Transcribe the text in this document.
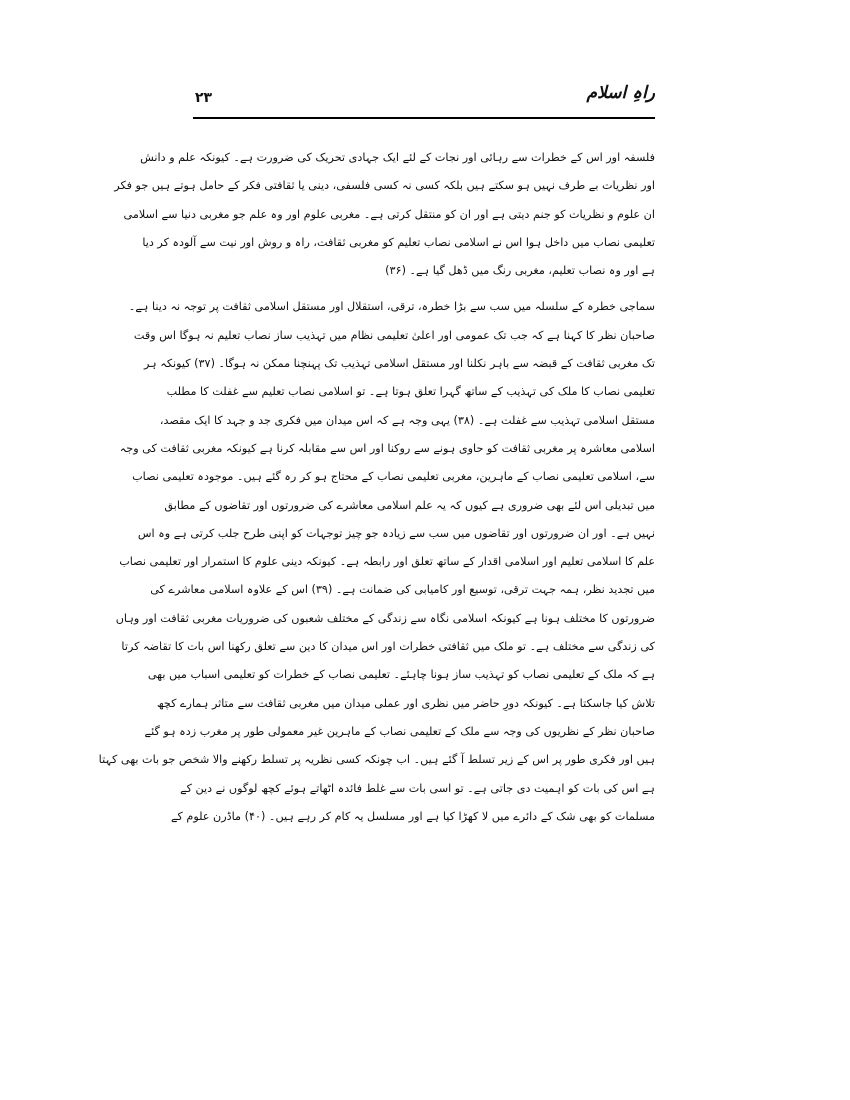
۲۳	راہِ اسلام
فلسفہ اور اس کے خطرات سے رہائی اور نجات کے لئے ایک جہادی تحریک کی ضرورت ہے۔ کیونکہ علم و دانش
اور نظریات بے طرف نہیں ہو سکتے ہیں بلکہ کسی نہ کسی فلسفی، دینی یا ثقافتی فکر کے حامل ہوتے ہیں جو فکر
ان علوم و نظریات کو جنم دیتی ہے اور ان کو منتقل کرتی ہے۔ مغربی علوم اور وہ علم جو مغربی دنیا سے اسلامی
تعلیمی نصاب میں داخل ہوا اس نے اسلامی نصاب تعلیم کو مغربی ثقافت، راہ و روش اور نیت سے آلودہ کر دیا
ہے اور وہ نصاب تعلیم، مغربی رنگ میں ڈھل گیا ہے۔ (۳۶)
سماجی خطرہ کے سلسلہ میں سب سے بڑا خطرہ، ترقی، استقلال اور مستقل اسلامی ثقافت پر توجہ نہ دینا ہے۔
صاحبان نظر کا کہنا ہے کہ جب تک عمومی اور اعلیٰ تعلیمی نظام میں تہذیب ساز نصاب تعلیم نہ ہوگا اس وقت
تک مغربی ثقافت کے قبضہ سے باہر نکلنا اور مستقل اسلامی تہذیب تک پہنچنا ممکن نہ ہوگا۔ (۳۷) کیونکہ ہر
تعلیمی نصاب کا ملک کی تہذیب کے ساتھ گہرا تعلق ہوتا ہے۔ تو اسلامی نصاب تعلیم سے غفلت کا مطلب
مستقل اسلامی تہذیب سے غفلت ہے۔ (۳۸) یہی وجہ ہے کہ اس میدان میں فکری جد و جہد کا ایک مقصد،
اسلامی معاشرہ پر مغربی ثقافت کو حاوی ہونے سے روکنا اور اس سے مقابلہ کرنا ہے کیونکہ مغربی ثقافت کی وجہ
سے، اسلامی تعلیمی نصاب کے ماہرین، مغربی تعلیمی نصاب کے محتاج ہو کر رہ گئے ہیں۔ موجودہ تعلیمی نصاب
میں تبدیلی اس لئے بھی ضروری ہے کیوں کہ یہ علم اسلامی معاشرے کی ضرورتوں اور تقاضوں کے مطابق
نہیں ہے۔ اور ان ضرورتوں اور تقاضوں میں سب سے زیادہ جو چیز توجہات کو اپنی طرح جلب کرتی ہے وہ اس
علم کا اسلامی تعلیم اور اسلامی اقدار کے ساتھ تعلق اور رابطہ ہے۔ کیونکہ دینی علوم کا استمرار اور تعلیمی نصاب
میں تجدید نظر، ہمہ جہت ترقی، توسیع اور کامیابی کی ضمانت ہے۔ (۳۹) اس کے علاوہ اسلامی معاشرے کی
ضرورتوں کا مختلف ہونا ہے کیونکہ اسلامی نگاہ سے زندگی کے مختلف شعبوں کی ضروریات مغربی ثقافت اور وہاں
کی زندگی سے مختلف ہے۔ تو ملک میں ثقافتی خطرات اور اس میدان کا دین سے تعلق رکھنا اس بات کا تقاضہ کرتا
ہے کہ ملک کے تعلیمی نصاب کو تہذیب ساز ہونا چاہئے۔ تعلیمی نصاب کے خطرات کو تعلیمی اسباب میں بھی
تلاش کیا جاسکتا ہے۔ کیونکہ دورِ حاضر میں نظری اور عملی میدان میں مغربی ثقافت سے متاثر ہمارے کچھ
صاحبان نظر کے نظریوں کی وجہ سے ملک کے تعلیمی نصاب کے ماہرین غیر معمولی طور پر مغرب زدہ ہو گئے
ہیں اور فکری طور پر اس کے زیر تسلط آ گئے ہیں۔ اب چونکہ کسی نظریہ پر تسلط رکھنے والا شخص جو بات بھی کہتا
ہے اس کی بات کو اہمیت دی جاتی ہے۔ تو اسی بات سے غلط فائدہ اٹھاتے ہوئے کچھ لوگوں نے دین کے
مسلمات کو بھی شک کے دائرے میں لا کھڑا کیا ہے اور مسلسل یہ کام کر رہے ہیں۔ (۴۰) ماڈرن علوم کے
